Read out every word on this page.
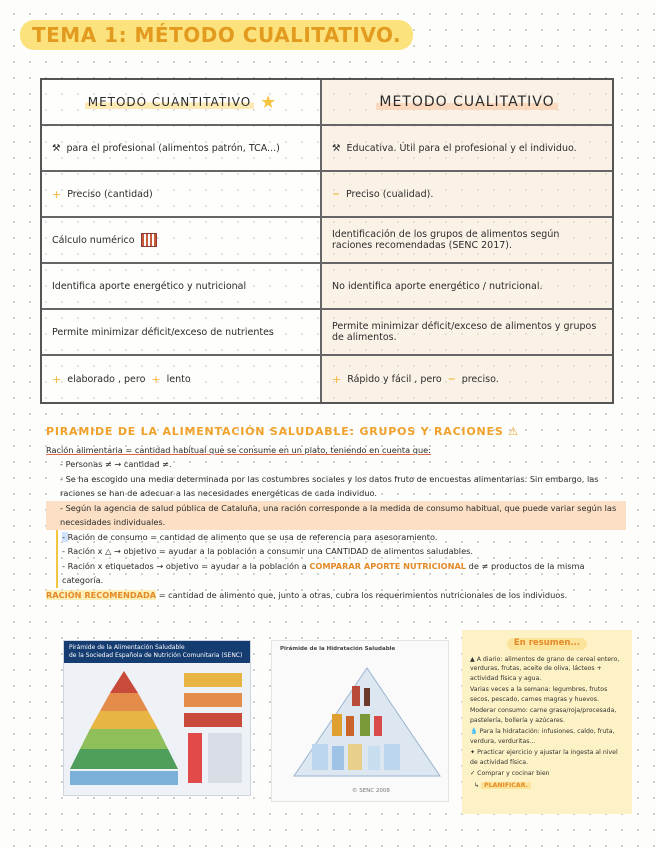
TEMA 1: MÉTODO CUALITATIVO.
METODO CUANTITATIVO ★	METODO CUALITATIVO
⚒ para el profesional (alimentos patrón, TCA...)	⚒ Educativa. Útil para el profesional y el individuo.
+ Preciso (cantidad)	− Preciso (cualidad).
Cálculo numérico	Identificación de los grupos de alimentos según raciones recomendadas (SENC 2017).
Identifica aporte energético y nutricional	No identifica aporte energético / nutricional.
Permite minimizar déficit/exceso de nutrientes	Permite minimizar déficit/exceso de alimentos y grupos de alimentos.
+ elaborado , pero + lento	+ Rápido y fácil , pero − preciso.
PIRAMIDE DE LA ALIMENTACIÓN SALUDABLE: GRUPOS Y RACIONES ⚠

Ración alimentaria = cantidad habitual que se consume en un plato, teniendo en cuenta que:

- Personas ≠ → cantidad ≠.

- Se ha escogido una media determinada por las costumbres sociales y los datos fruto de encuestas alimentarias. Sin embargo, las raciones se han de adecuar a las necesidades energéticas de cada individuo.

- Según la agencia de salud pública de Cataluña, una ración corresponde a la medida de consumo habitual, que puede variar según las necesidades individuales.

- Ración de consumo = cantidad de alimento que se usa de referencia para asesoramiento.

- Ración x △ → objetivo = ayudar a la población a consumir una CANTIDAD de alimentos saludables.

- Ración x etiquetados → objetivo = ayudar a la población a COMPARAR APORTE NUTRICIONAL de ≠ productos de la misma categoría.

RACIÓN RECOMENDADA = cantidad de alimento que, junto a otras, cubra los requerimientos nutricionales de los individuos.

Pirámide de la Alimentación Saludable
de la Sociedad Española de Nutrición Comunitaria (SENC)
Pirámide de la Hidratación Saludable
© SENC 2008
En resumen...

▲ A diario: alimentos de grano de cereal entero, verduras, frutas, aceite de oliva, lácteos + actividad física y agua.

Varias veces a la semana: legumbres, frutos secos, pescado, carnes magras y huevos.

Moderar consumo: carne grasa/roja/procesada, pastelería, bollería y azúcares.

💧 Para la hidratación: infusiones, caldo, fruta, verdura, verduritas...

✦ Practicar ejercicio y ajustar la ingesta al nivel de actividad física.

✓ Comprar y cocinar bien

↳ PLANIFICAR.
